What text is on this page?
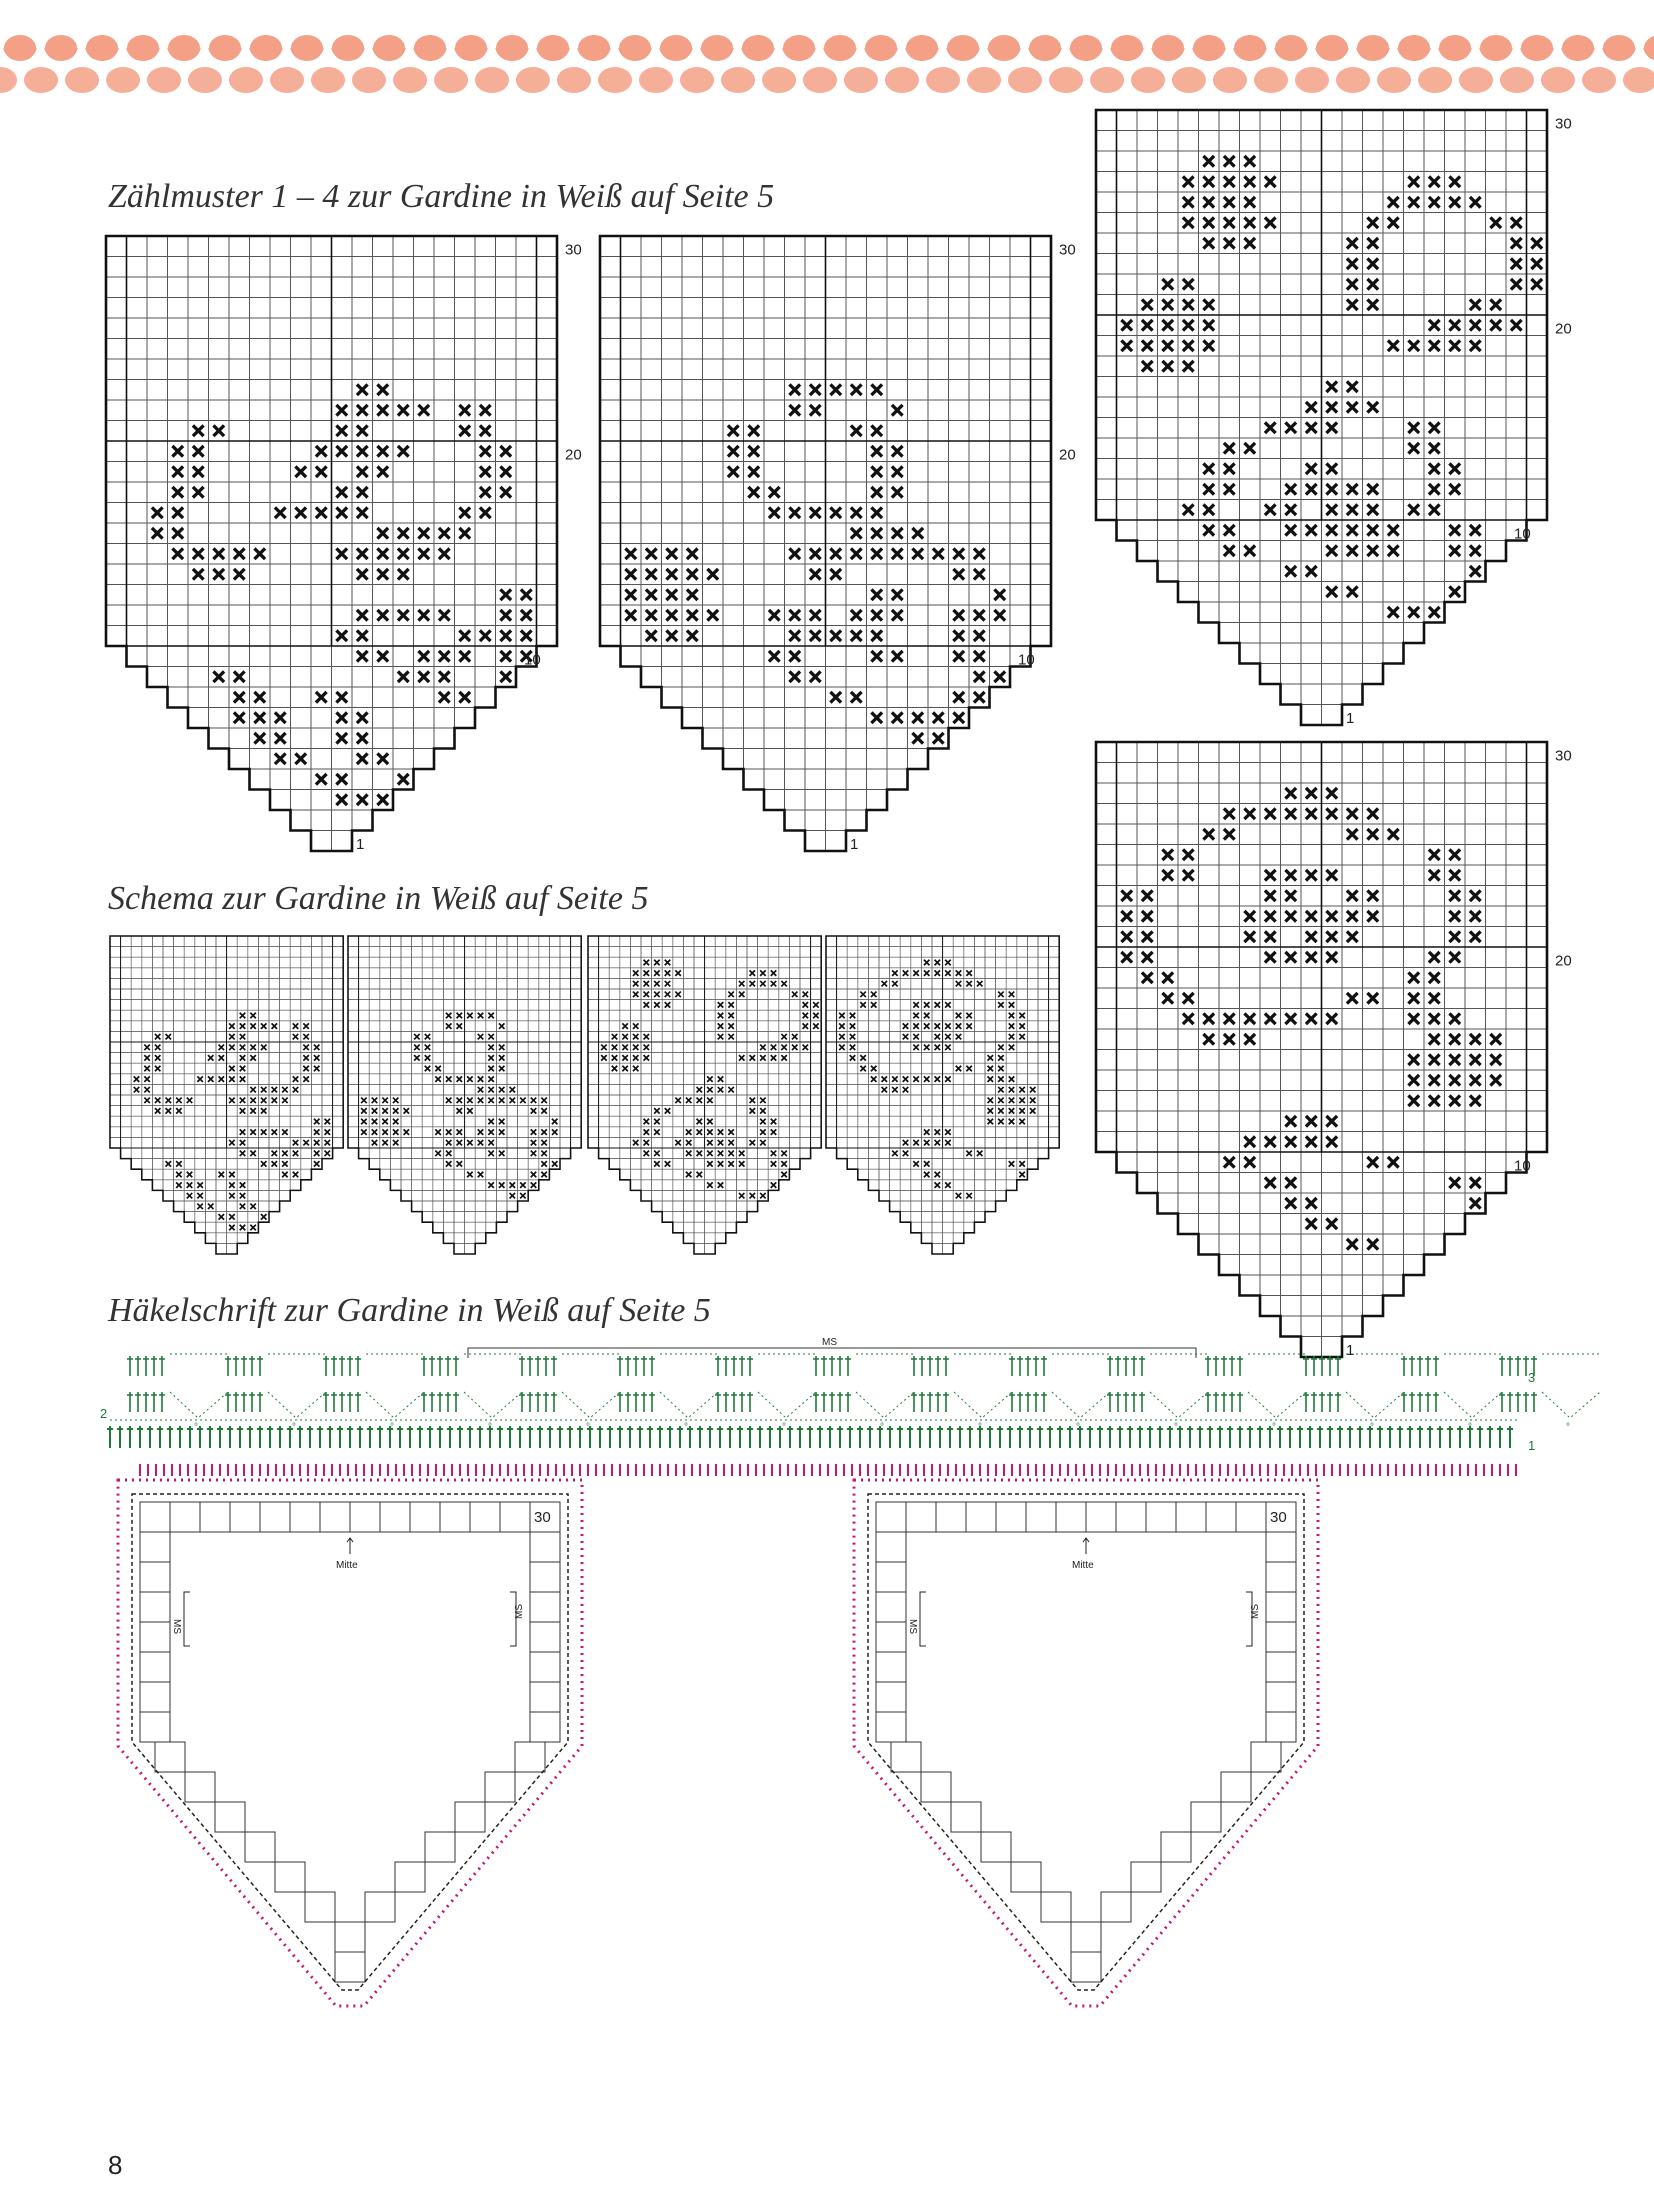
Zählmuster 1 – 4 zur Gardine in Weiß auf Seite 5
30
20
10
1
30
20
10
1
30
20
10
1
30
20
10
1
Schema zur Gardine in Weiß auf Seite 5
Häkelschrift zur Gardine in Weiß auf Seite 5
MS
°	°	°	°	°	°	°	°	°	°	°	°	°	°	°
1
2
3
30
Mitte
MS
MS
30
Mitte
MS
MS
8
